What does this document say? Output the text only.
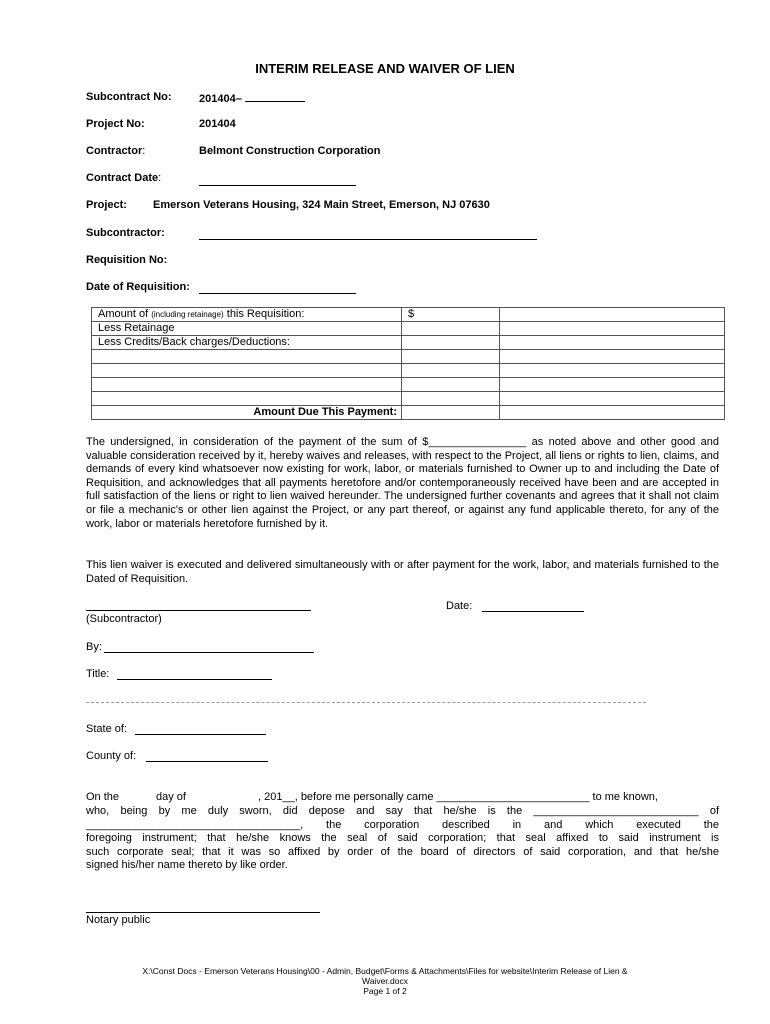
INTERIM RELEASE AND WAIVER OF LIEN
Subcontract No: 201404–
Project No:	201404
Contractor:	Belmont Construction Corporation
Contract Date:
Project: Emerson Veterans Housing, 324 Main Street, Emerson, NJ 07630
Subcontractor:
Requisition No:
Date of Requisition:
Amount of (including retainage) this Requisition:	$	
Less Retainage		
Less Credits/Back charges/Deductions:		

Amount Due This Payment:		
The undersigned, in consideration of the payment of the sum of $________________ as noted above and other good and valuable consideration received by it, hereby waives and releases, with respect to the Project, all liens or rights to lien, claims, and demands of every kind whatsoever now existing for work, labor, or materials furnished to Owner up to and including the Date of Requisition, and acknowledges that all payments heretofore and/or contemporaneously received have been and are accepted in full satisfaction of the liens or right to lien waived hereunder. The undersigned further covenants and agrees that it shall not claim or file a mechanic's or other lien against the Project, or any part thereof, or against any fund applicable thereto, for any of the work, labor or materials heretofore furnished by it.
This lien waiver is executed and delivered simultaneously with or after payment for the work, labor, and materials furnished to the Dated of Requisition.
(Subcontractor)
Date:
By:
Title:
State of:
County of:
On the	day of	, 201__, before me personally came _________________________ to me known,
who, being by me duly sworn, did depose and say that he/she is the ___________________________ of
___________________________________, the corporation described in and which executed the
foregoing instrument; that he/she knows the seal of said corporation; that seal affixed to said instrument is
such corporate seal; that it was so affixed by order of the board of directors of said corporation, and that he/she
signed his/her name thereto by like order.
Notary public
X:\Const Docs - Emerson Veterans Housing\00 - Admin, Budget\Forms & Attachments\Files for website\Interim Release of Lien &
Waiver.docx
Page 1 of 2
